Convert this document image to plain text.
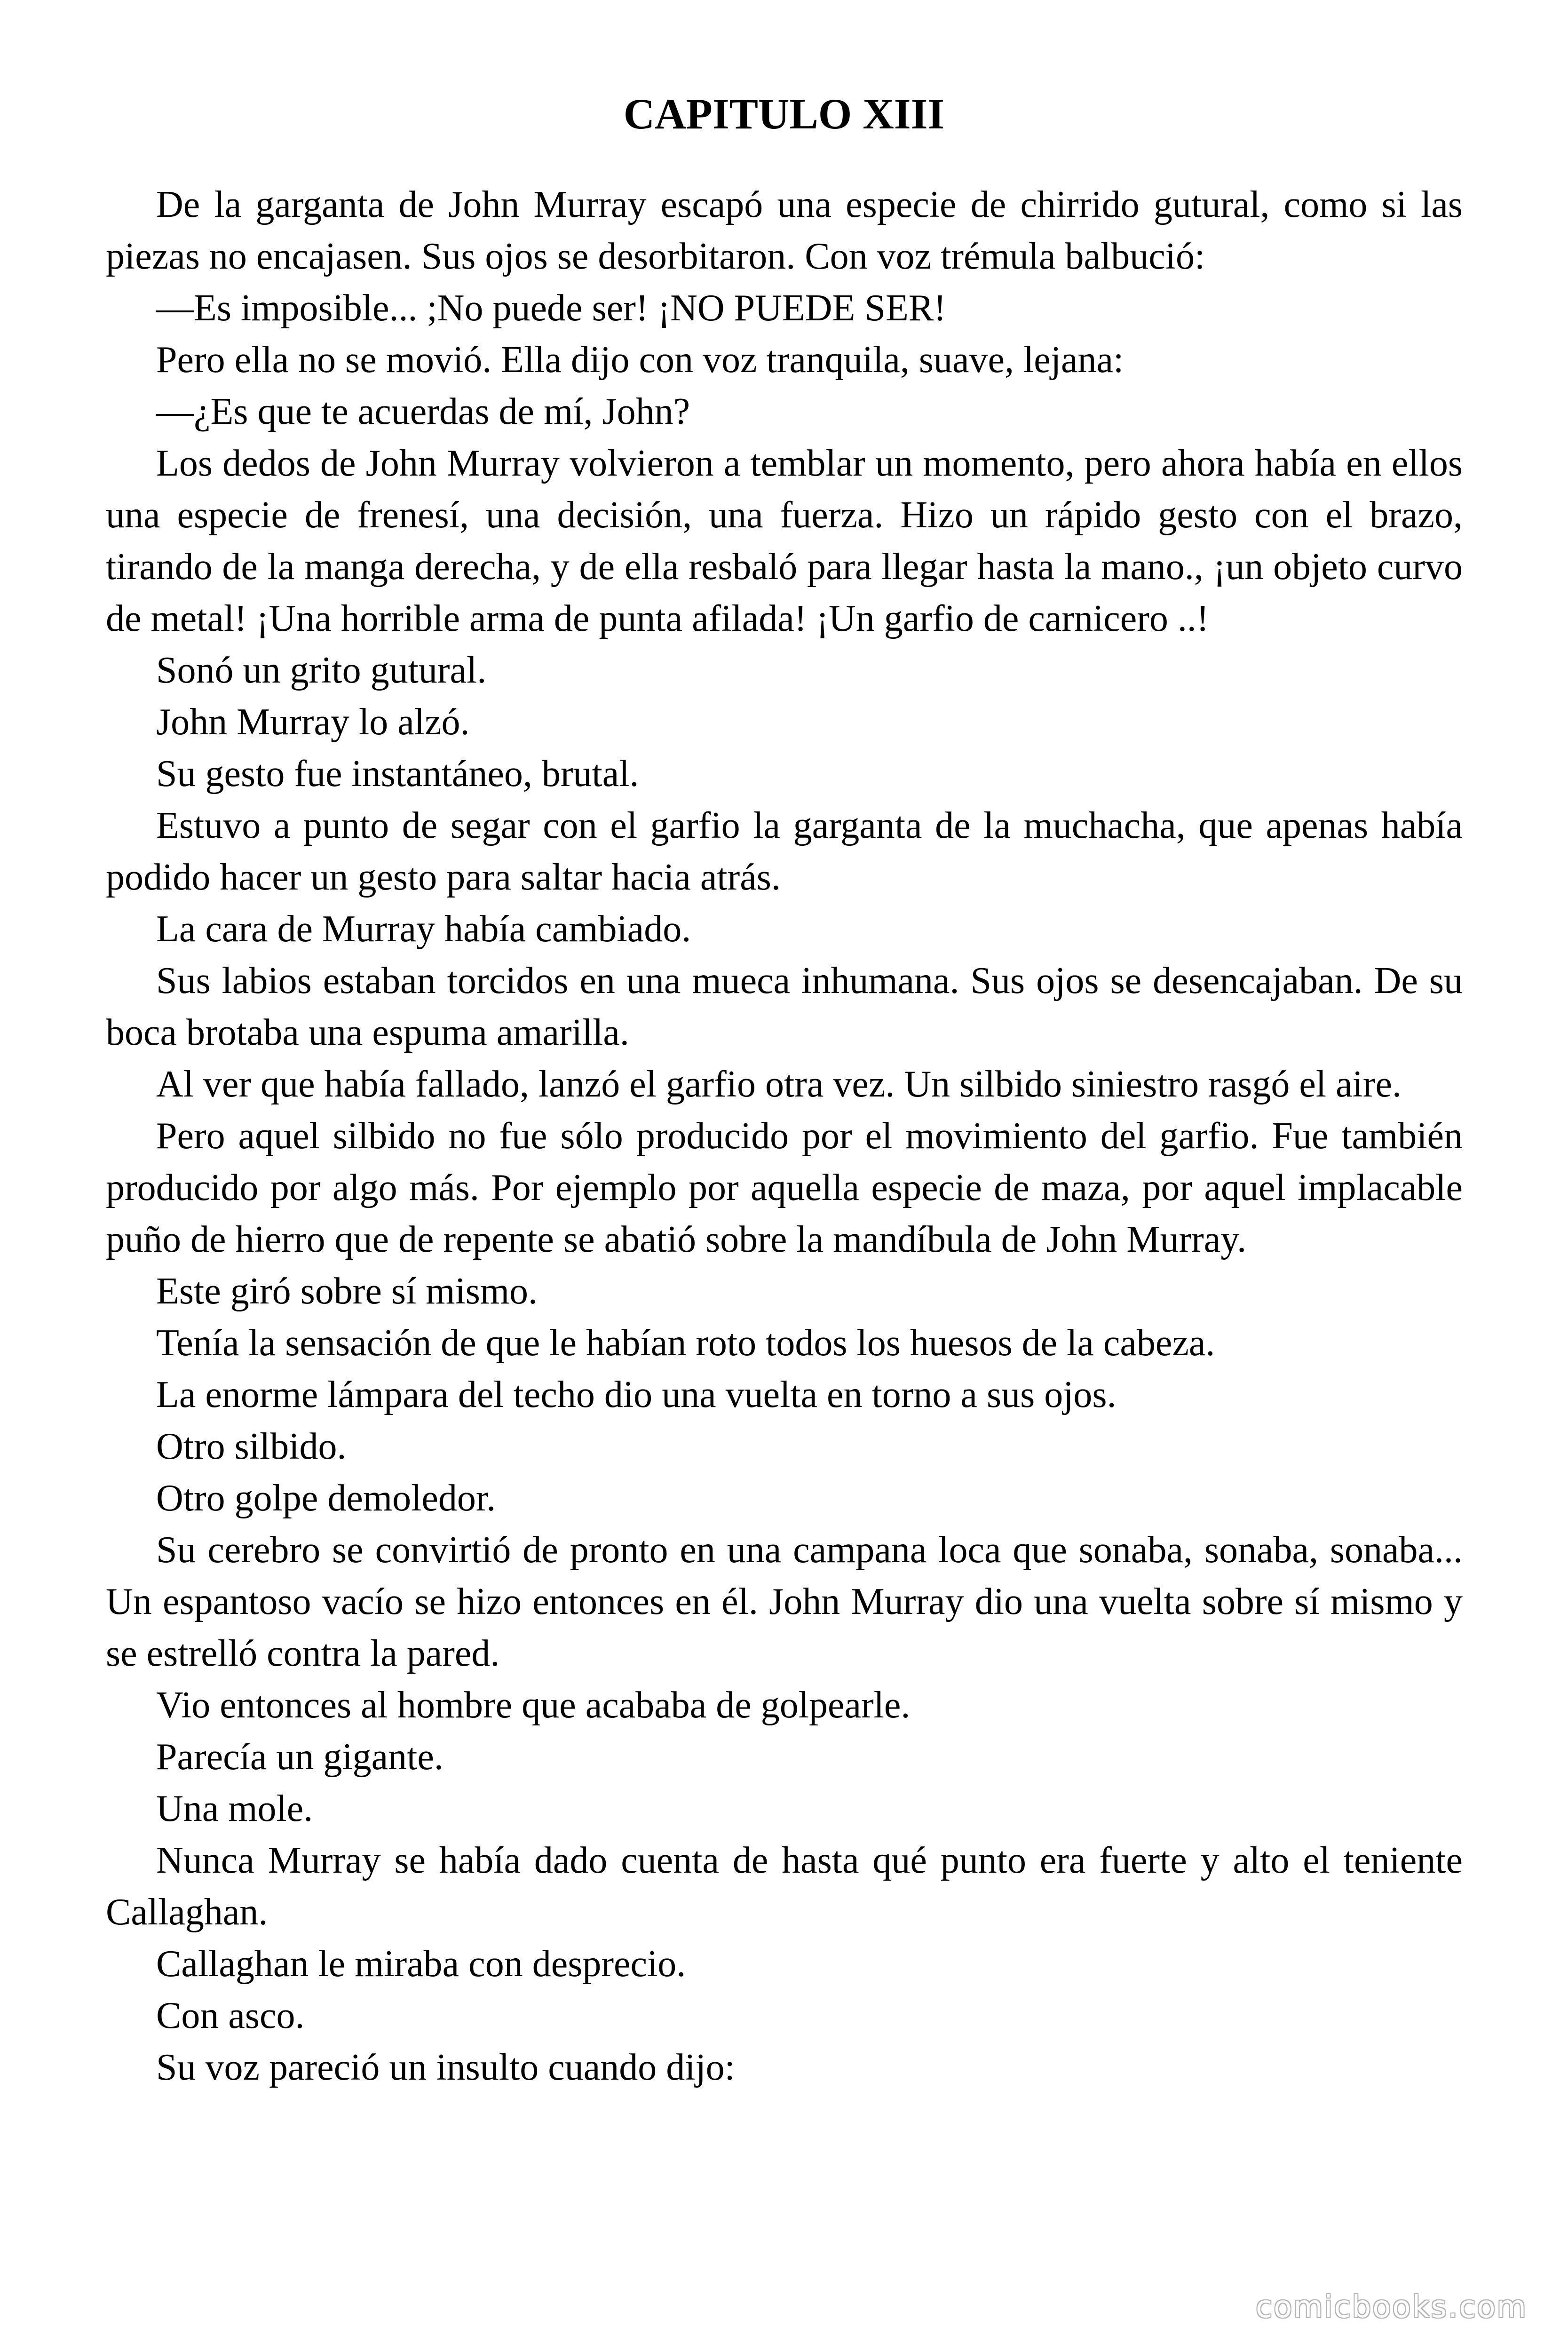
CAPITULO XIII

De la garganta de John Murray escapó una especie de chirrido gutural, como si las piezas no encajasen. Sus ojos se desorbitaron. Con voz trémula balbució:

—Es imposible... ;No puede ser! ¡NO PUEDE SER!

Pero ella no se movió. Ella dijo con voz tranquila, suave, lejana:

—¿Es que te acuerdas de mí, John?

Los dedos de John Murray volvieron a temblar un momento, pero ahora había en ellos una especie de frenesí, una decisión, una fuerza. Hizo un rápido gesto con el brazo, tirando de la manga derecha, y de ella resbaló para llegar hasta la mano., ¡un objeto curvo de metal! ¡Una horrible arma de punta afilada! ¡Un garfio de carnicero ..!

Sonó un grito gutural.

John Murray lo alzó.

Su gesto fue instantáneo, brutal.

Estuvo a punto de segar con el garfio la garganta de la muchacha, que apenas había podido hacer un gesto para saltar hacia atrás.

La cara de Murray había cambiado.

Sus labios estaban torcidos en una mueca inhumana. Sus ojos se desencajaban. De su boca brotaba una espuma amarilla.

Al ver que había fallado, lanzó el garfio otra vez. Un silbido siniestro rasgó el aire.

Pero aquel silbido no fue sólo producido por el movimiento del garfio. Fue también producido por algo más. Por ejemplo por aquella especie de maza, por aquel implacable puño de hierro que de repente se abatió sobre la mandíbula de John Murray.

Este giró sobre sí mismo.

Tenía la sensación de que le habían roto todos los huesos de la cabeza.

La enorme lámpara del techo dio una vuelta en torno a sus ojos.

Otro silbido.

Otro golpe demoledor.

Su cerebro se convirtió de pronto en una campana loca que sonaba, sonaba, sonaba... Un espantoso vacío se hizo entonces en él. John Murray dio una vuelta sobre sí mismo y se estrelló contra la pared.

Vio entonces al hombre que acababa de golpearle.

Parecía un gigante.

Una mole.

Nunca Murray se había dado cuenta de hasta qué punto era fuerte y alto el teniente Callaghan.

Callaghan le miraba con desprecio.

Con asco.

Su voz pareció un insulto cuando dijo:

comicbooks.com
